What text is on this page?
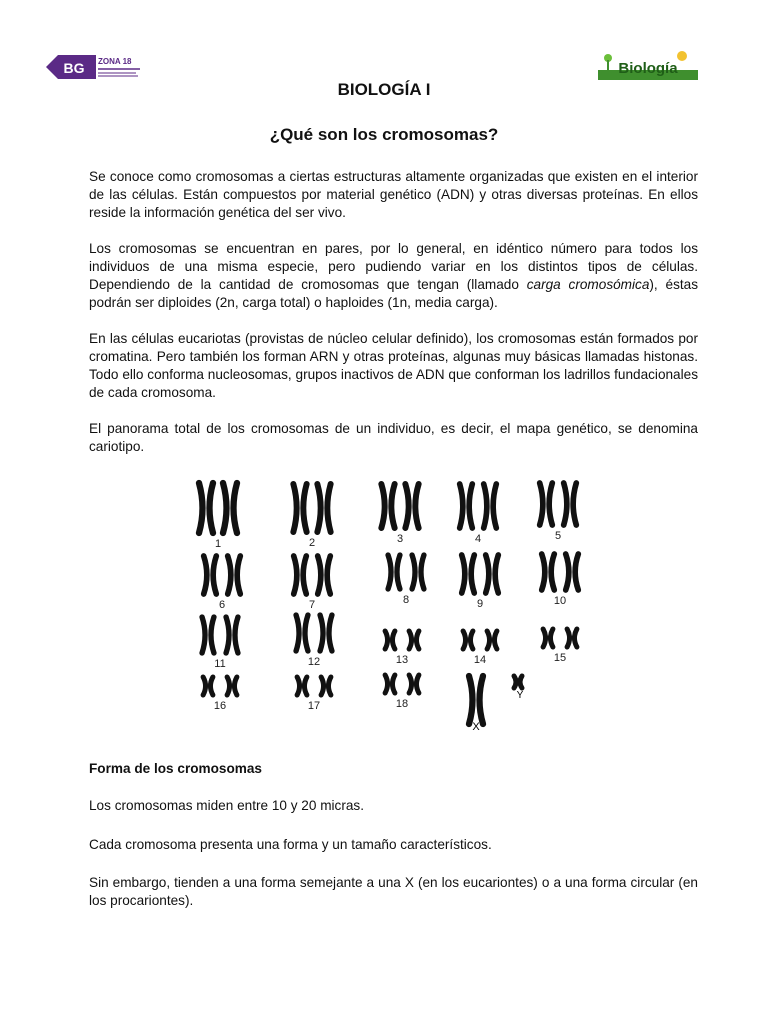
BG ZONA 18	Biología
BIOLOGÍA I
¿Qué son los cromosomas?

Se conoce como cromosomas a ciertas estructuras altamente organizadas que existen en el interior de las células. Están compuestos por material genético (ADN) y otras diversas proteínas. En ellos reside la información genética del ser vivo.

Los cromosomas se encuentran en pares, por lo general, en idéntico número para todos los individuos de una misma especie, pero pudiendo variar en los distintos tipos de células. Dependiendo de la cantidad de cromosomas que tengan (llamado carga cromosómica), éstas podrán ser diploides (2n, carga total) o haploides (1n, media carga).

En las células eucariotas (provistas de núcleo celular definido), los cromosomas están formados por cromatina. Pero también los forman ARN y otras proteínas, algunas muy básicas llamadas histonas. Todo ello conforma nucleosomas, grupos inactivos de ADN que conforman los ladrillos fundacionales de cada cromosoma.

El panorama total de los cromosomas de un individuo, es decir, el mapa genético, se denomina cariotipo.

1	2	3	4	5
6	7	8	9	10
11	12	13	14	15
16	17	18
X
Y
Forma de los cromosomas

Los cromosomas miden entre 10 y 20 micras.

Cada cromosoma presenta una forma y un tamaño característicos.

Sin embargo, tienden a una forma semejante a una X (en los eucariontes) o a una forma circular (en los procariontes).
